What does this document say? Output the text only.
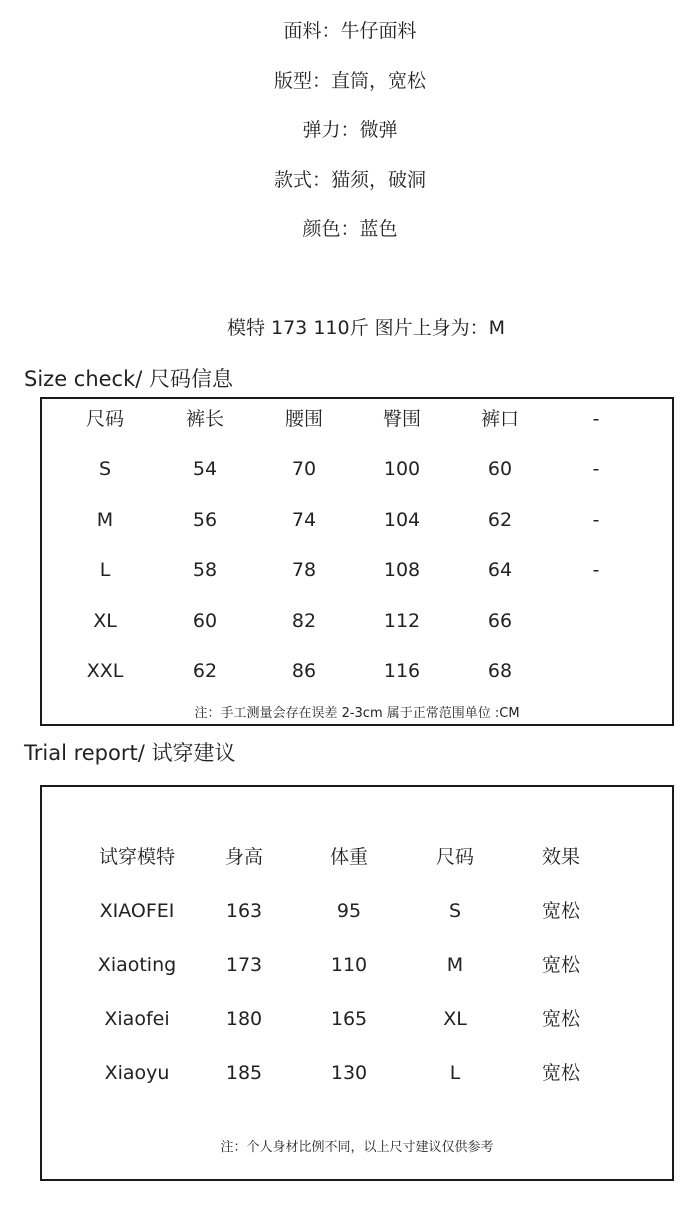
面料：牛仔面料
版型：直筒，宽松
弹力：微弹
款式：猫须，破洞
颜色：蓝色
模特 173 110斤 图片上身为：M
Size check/ 尺码信息
注：手工测量会存在误差 2-3cm 属于正常范围单位 :CM
尺码	裤长	腰围	臀围	裤口	-
S	54	70	100	60	-
M	56	74	104	62	-
L	58	78	108	64	-
XL	60	82	112	66
XXL	62	86	116	68
Trial report/ 试穿建议
注：个人身材比例不同，以上尺寸建议仅供参考
试穿模特	身高	体重	尺码	效果
XIAOFEI	163	95	S	宽松
Xiaoting	173	110	M	宽松
Xiaofei	180	165	XL	宽松
Xiaoyu	185	130	L	宽松
